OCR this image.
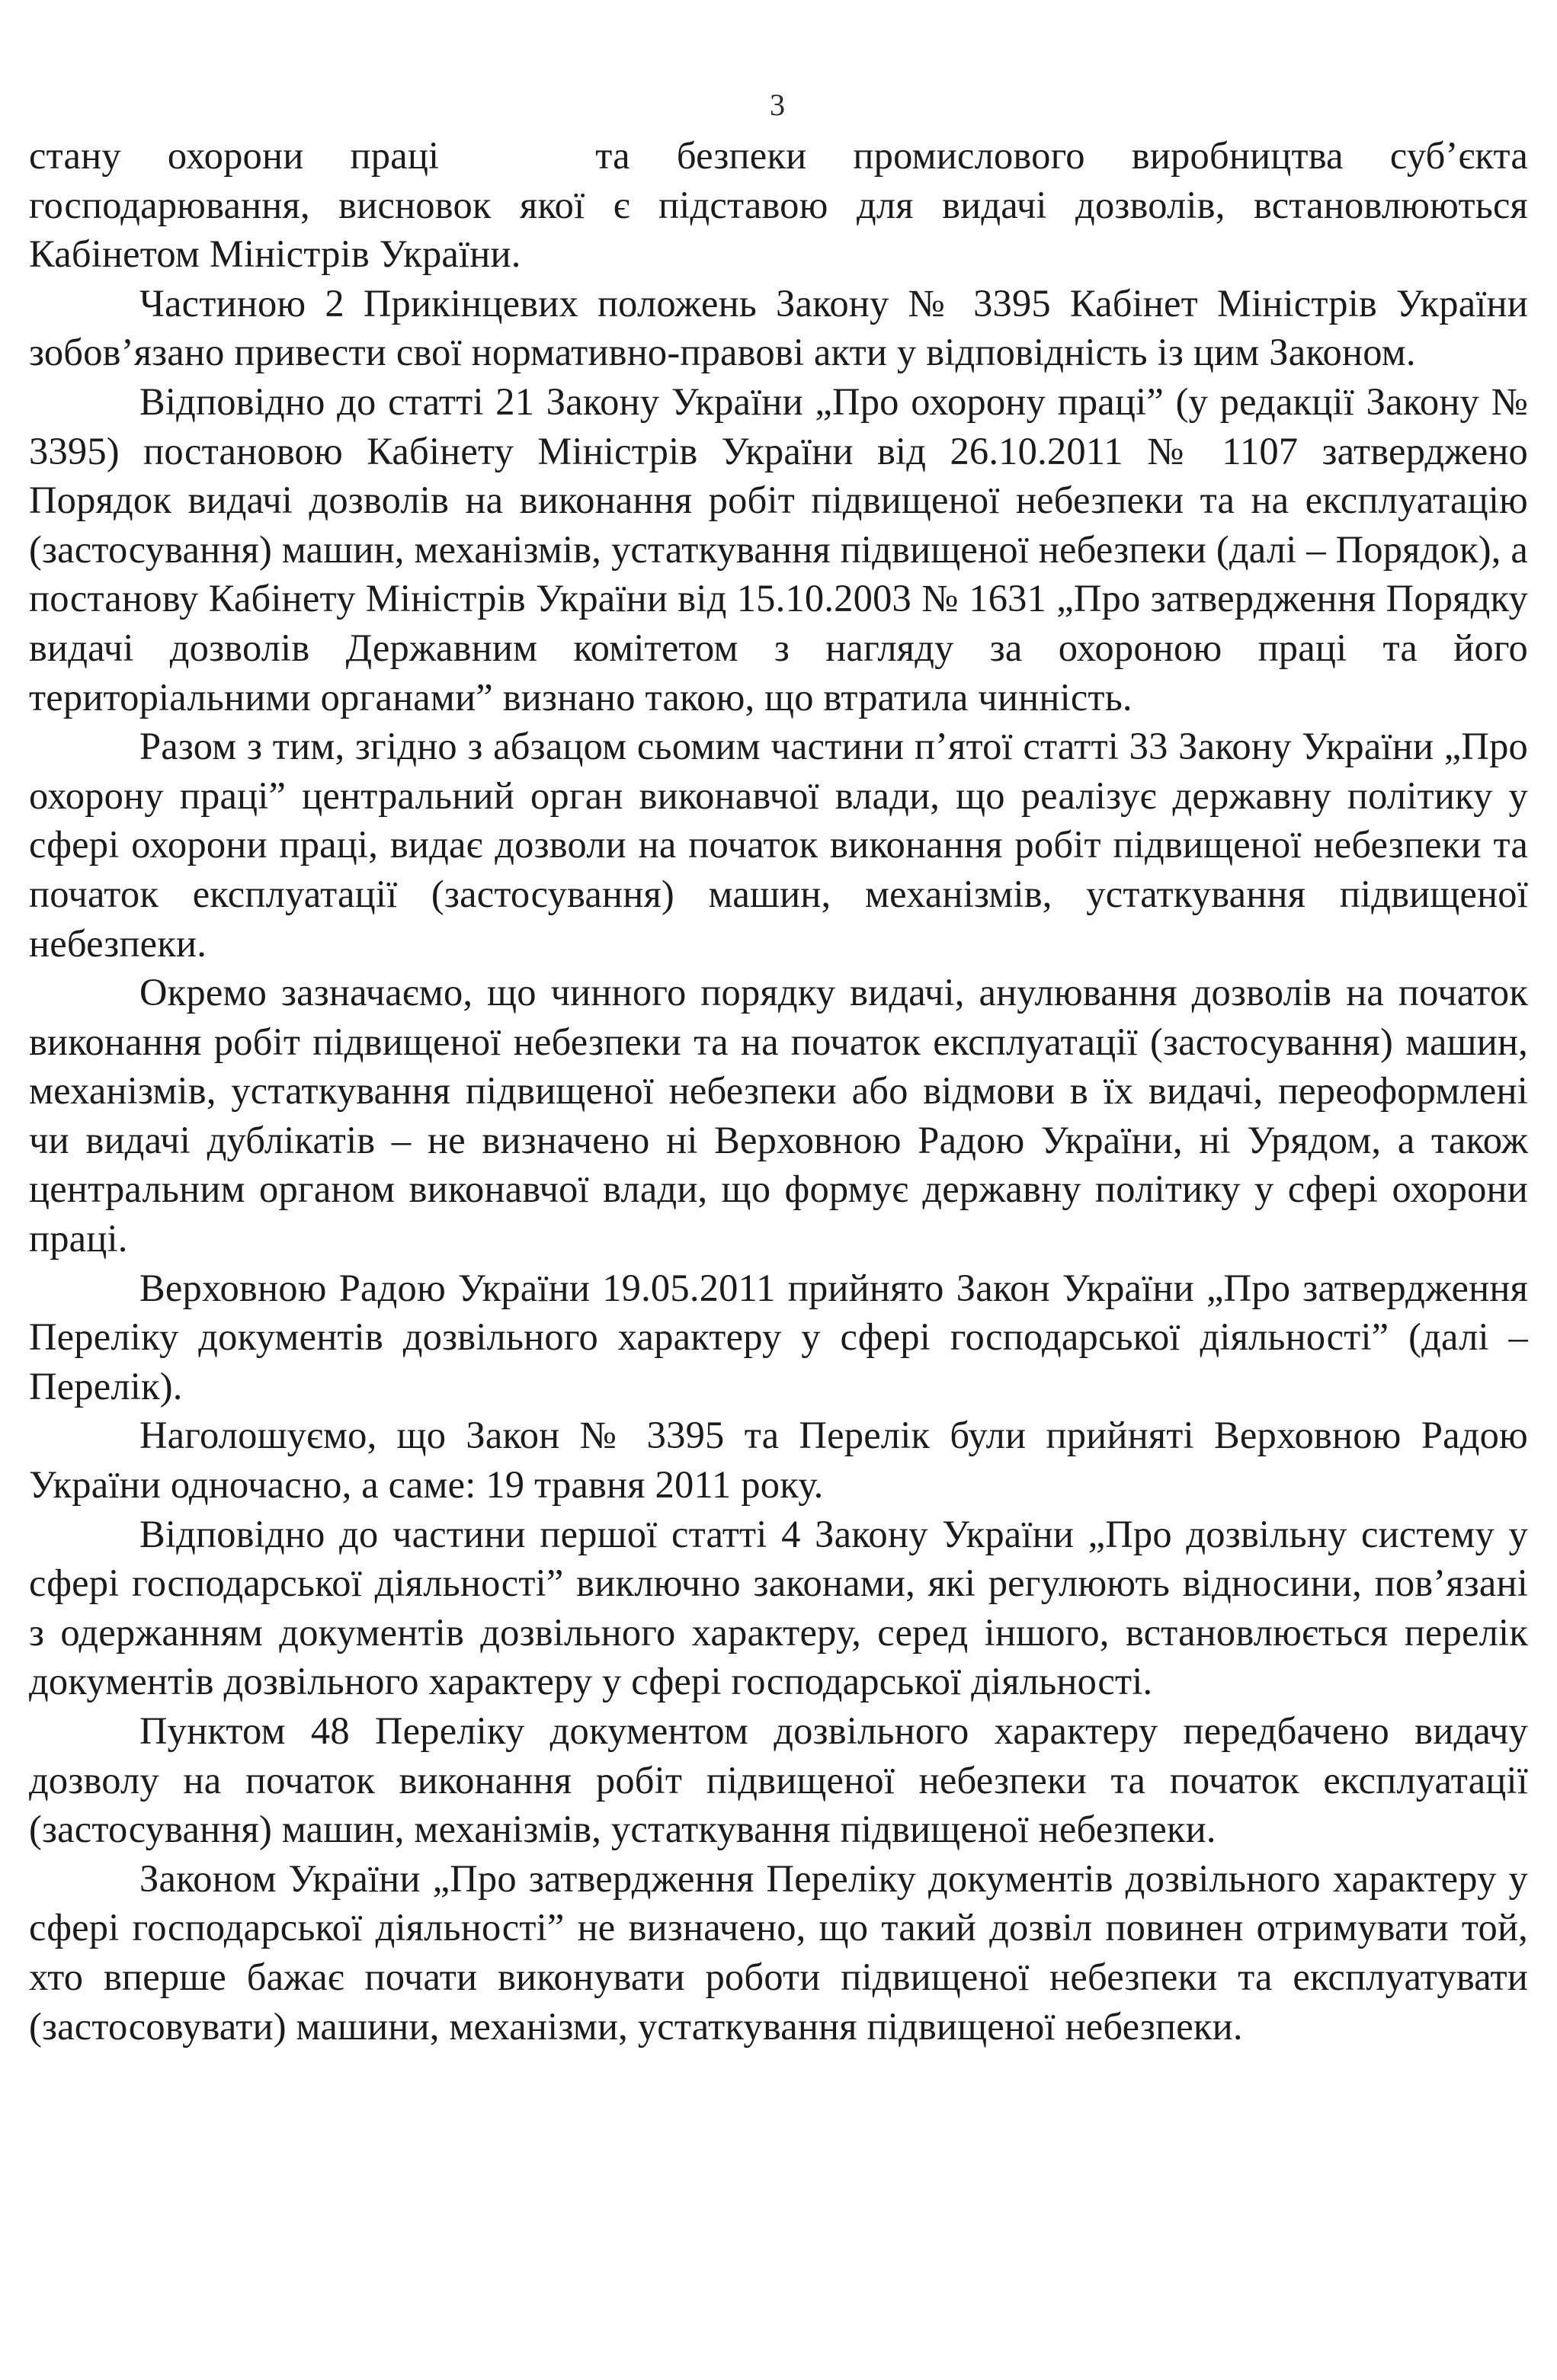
3

стану охорони праці	та безпеки промислового виробництва суб’єкта господарювання, висновок якої є підставою для видачі дозволів, встановлюються Кабінетом Міністрів України.

Частиною 2 Прикінцевих положень Закону № 3395 Кабінет Міністрів України зобов’язано привести свої нормативно-правові акти у відповідність із цим Законом.

Відповідно до статті 21 Закону України „Про охорону праці” (у редакції Закону № 3395) постановою Кабінету Міністрів України від 26.10.2011 № 1107 затверджено Порядок видачі дозволів на виконання робіт підвищеної небезпеки та на експлуатацію (застосування) машин, механізмів, устаткування підвищеної небезпеки (далі – Порядок), а постанову Кабінету Міністрів України від 15.10.2003 № 1631 „Про затвердження Порядку видачі дозволів Державним комітетом з нагляду за охороною праці та його територіальними органами” визнано такою, що втратила чинність.

Разом з тим, згідно з абзацом сьомим частини п’ятої статті 33 Закону України „Про охорону праці” центральний орган виконавчої влади, що реалізує державну політику у сфері охорони праці, видає дозволи на початок виконання робіт підвищеної небезпеки та початок експлуатації (застосування) машин, механізмів, устаткування підвищеної небезпеки.

Окремо зазначаємо, що чинного порядку видачі, анулювання дозволів на початок виконання робіт підвищеної небезпеки та на початок експлуатації (застосування) машин, механізмів, устаткування підвищеної небезпеки або відмови в їх видачі, переоформлені чи видачі дублікатів – не визначено ні Верховною Радою України, ні Урядом, а також центральним органом виконавчої влади, що формує державну політику у сфері охорони праці.

Верховною Радою України 19.05.2011 прийнято Закон України „Про затвердження Переліку документів дозвільного характеру у сфері господарської діяльності” (далі – Перелік).

Наголошуємо, що Закон № 3395 та Перелік були прийняті Верховною Радою України одночасно, а саме: 19 травня 2011 року.

Відповідно до частини першої статті 4 Закону України „Про дозвільну систему у сфері господарської діяльності” виключно законами, які регулюють відносини, пов’язані з одержанням документів дозвільного характеру, серед іншого, встановлюється перелік документів дозвільного характеру у сфері господарської діяльності.

Пунктом 48 Переліку документом дозвільного характеру передбачено видачу дозволу на початок виконання робіт підвищеної небезпеки та початок експлуатації (застосування) машин, механізмів, устаткування підвищеної небезпеки.

Законом України „Про затвердження Переліку документів дозвільного характеру у сфері господарської діяльності” не визначено, що такий дозвіл повинен отримувати той, хто вперше бажає почати виконувати роботи підвищеної небезпеки та експлуатувати (застосовувати) машини, механізми, устаткування підвищеної небезпеки.
